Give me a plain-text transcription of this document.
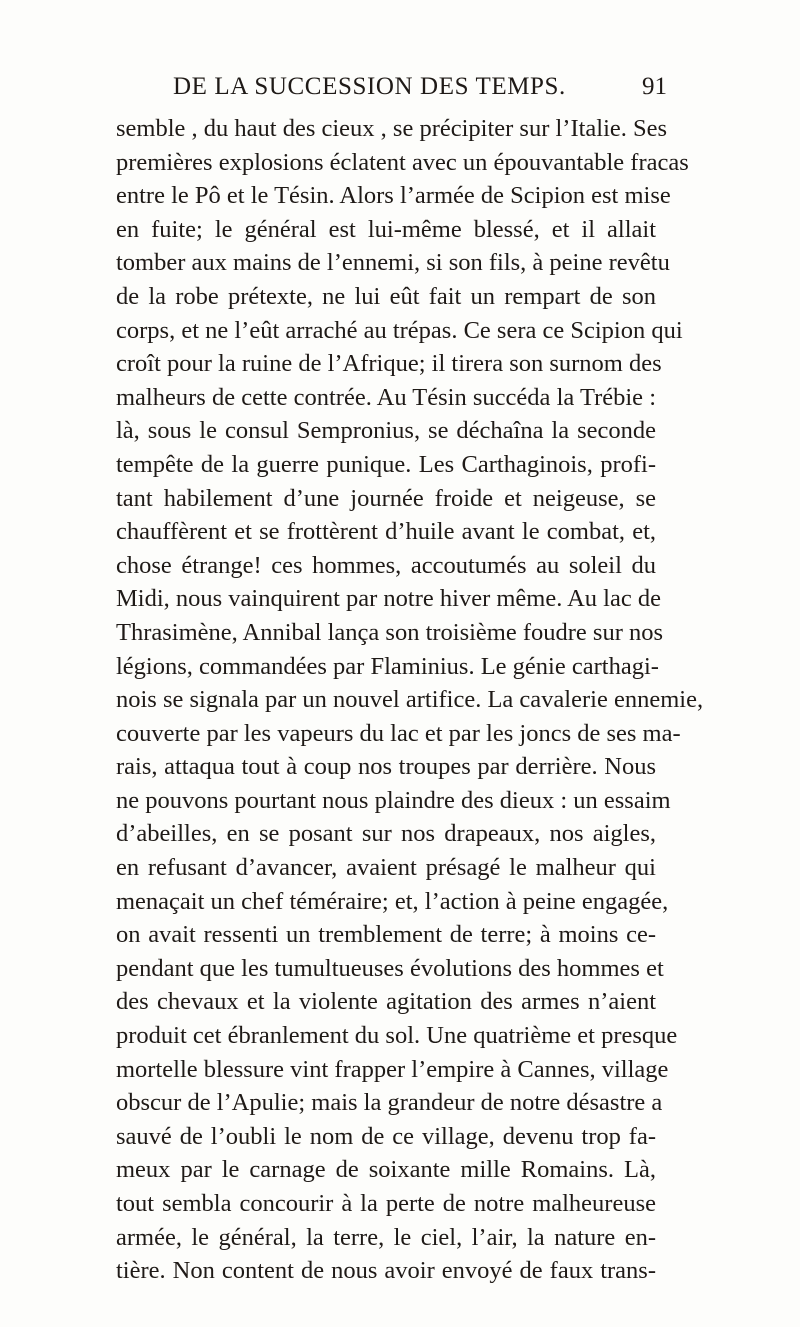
DE LA SUCCESSION DES TEMPS.	91
semble , du haut des cieux , se précipiter sur l’Italie. Ses
premières explosions éclatent avec un épouvantable fracas
entre le Pô et le Tésin. Alors l’armée de Scipion est mise
en fuite; le général est lui-même blessé, et il allait
tomber aux mains de l’ennemi, si son fils, à peine revêtu
de la robe prétexte, ne lui eût fait un rempart de son
corps, et ne l’eût arraché au trépas. Ce sera ce Scipion qui
croît pour la ruine de l’Afrique; il tirera son surnom des
malheurs de cette contrée. Au Tésin succéda la Trébie :
là, sous le consul Sempronius, se déchaîna la seconde
tempête de la guerre punique. Les Carthaginois, profi-
tant habilement d’une journée froide et neigeuse, se
chauffèrent et se frottèrent d’huile avant le combat, et,
chose étrange! ces hommes, accoutumés au soleil du
Midi, nous vainquirent par notre hiver même. Au lac de
Thrasimène, Annibal lança son troisième foudre sur nos
légions, commandées par Flaminius. Le génie carthagi-
nois se signala par un nouvel artifice. La cavalerie ennemie,
couverte par les vapeurs du lac et par les joncs de ses ma-
rais, attaqua tout à coup nos troupes par derrière. Nous
ne pouvons pourtant nous plaindre des dieux : un essaim
d’abeilles, en se posant sur nos drapeaux, nos aigles,
en refusant d’avancer, avaient présagé le malheur qui
menaçait un chef téméraire; et, l’action à peine engagée,
on avait ressenti un tremblement de terre; à moins ce-
pendant que les tumultueuses évolutions des hommes et
des chevaux et la violente agitation des armes n’aient
produit cet ébranlement du sol. Une quatrième et presque
mortelle blessure vint frapper l’empire à Cannes, village
obscur de l’Apulie; mais la grandeur de notre désastre a
sauvé de l’oubli le nom de ce village, devenu trop fa-
meux par le carnage de soixante mille Romains. Là,
tout sembla concourir à la perte de notre malheureuse
armée, le général, la terre, le ciel, l’air, la nature en-
tière. Non content de nous avoir envoyé de faux trans-
